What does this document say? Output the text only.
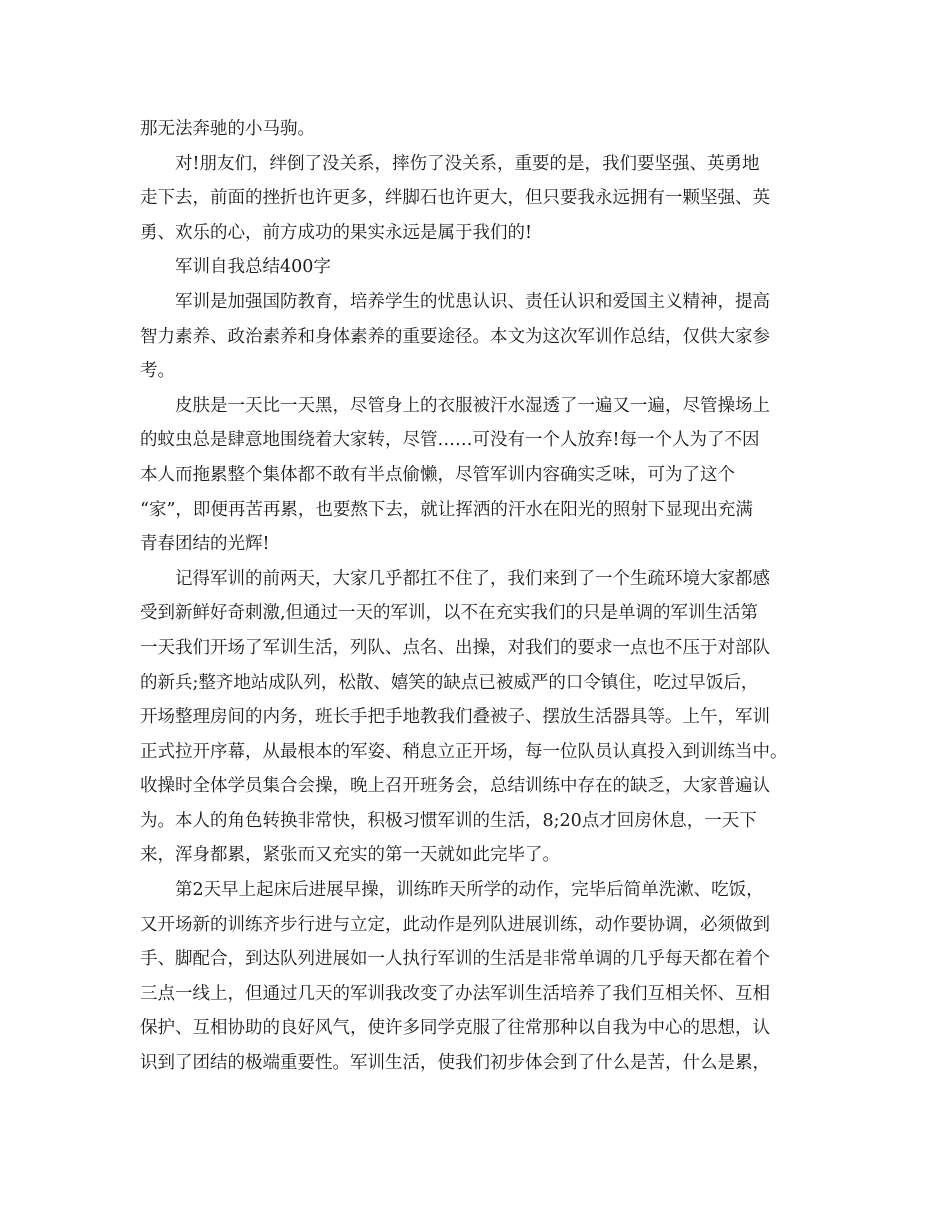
那无法奔驰的小马驹。
对!朋友们，绊倒了没关系，摔伤了没关系，重要的是，我们要坚强、英勇地
走下去，前面的挫折也许更多，绊脚石也许更大，但只要我永远拥有一颗坚强、英
勇、欢乐的心，前方成功的果实永远是属于我们的!
军训自我总结400字
军训是加强国防教育，培养学生的忧患认识、责任认识和爱国主义精神，提高
智力素养、政治素养和身体素养的重要途径。本文为这次军训作总结，仅供大家参
考。
皮肤是一天比一天黑，尽管身上的衣服被汗水湿透了一遍又一遍，尽管操场上
的蚊虫总是肆意地围绕着大家转，尽管……可没有一个人放弃!每一个人为了不因
本人而拖累整个集体都不敢有半点偷懒，尽管军训内容确实乏味，可为了这个
“家”，即便再苦再累，也要熬下去，就让挥洒的汗水在阳光的照射下显现出充满
青春团结的光辉!
记得军训的前两天，大家几乎都扛不住了，我们来到了一个生疏环境大家都感
受到新鲜好奇刺激,但通过一天的军训，以不在充实我们的只是单调的军训生活第
一天我们开场了军训生活，列队、点名、出操，对我们的要求一点也不压于对部队
的新兵;整齐地站成队列，松散、嬉笑的缺点已被威严的口令镇住，吃过早饭后，
开场整理房间的内务，班长手把手地教我们叠被子、摆放生活器具等。上午，军训
正式拉开序幕，从最根本的军姿、稍息立正开场，每一位队员认真投入到训练当中。
收操时全体学员集合会操，晚上召开班务会，总结训练中存在的缺乏，大家普遍认
为。本人的角色转换非常快，积极习惯军训的生活，8;20点才回房休息，一天下
来，浑身都累，紧张而又充实的第一天就如此完毕了。
第2天早上起床后进展早操，训练昨天所学的动作，完毕后简单洗漱、吃饭，
又开场新的训练齐步行进与立定，此动作是列队进展训练，动作要协调，必须做到
手、脚配合，到达队列进展如一人执行军训的生活是非常单调的几乎每天都在着个
三点一线上，但通过几天的军训我改变了办法军训生活培养了我们互相关怀、互相
保护、互相协助的良好风气，使许多同学克服了往常那种以自我为中心的思想，认
识到了团结的极端重要性。军训生活，使我们初步体会到了什么是苦，什么是累，
